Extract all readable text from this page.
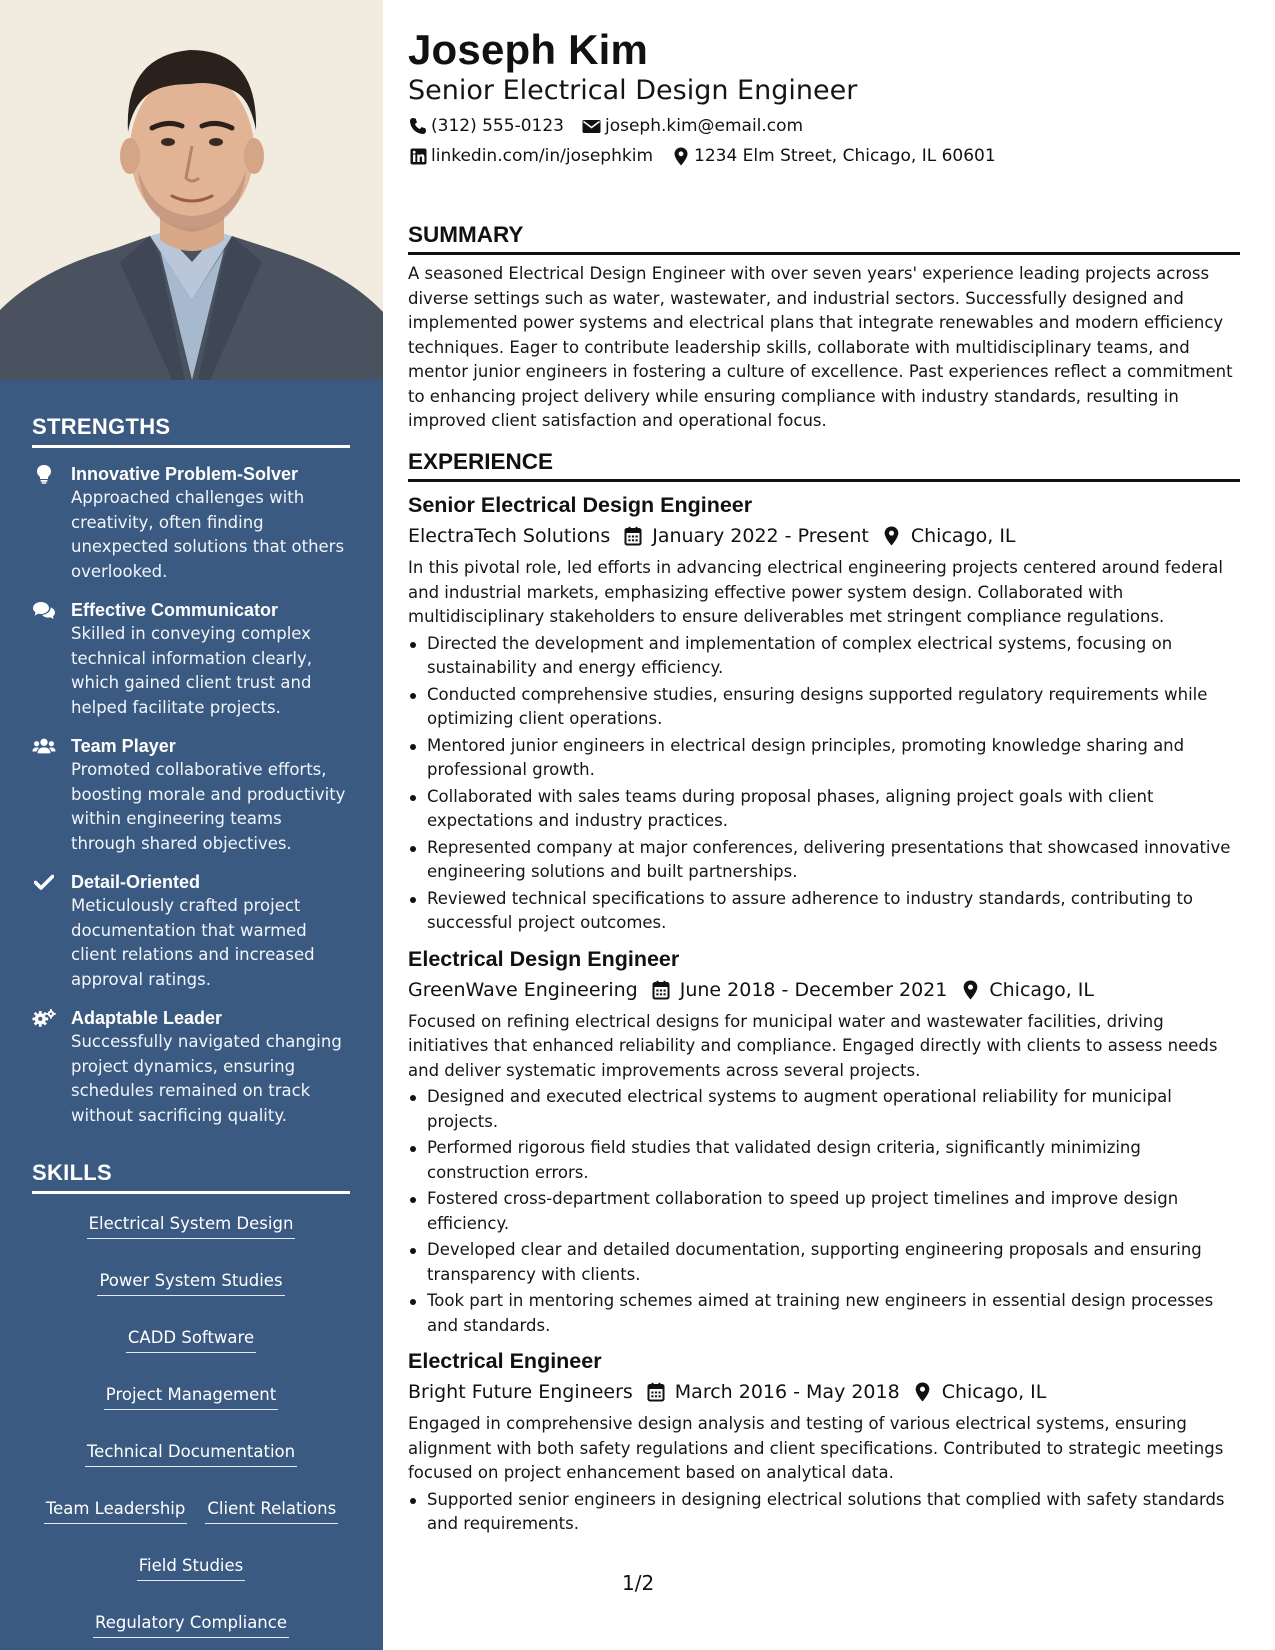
STRENGTHS
Innovative Problem-Solver
Approached challenges with creativity, often finding unexpected solutions that others overlooked.
Effective Communicator
Skilled in conveying complex technical information clearly, which gained client trust and helped facilitate projects.
Team Player
Promoted collaborative efforts, boosting morale and productivity within engineering teams through shared objectives.
Detail-Oriented
Meticulously crafted project documentation that warmed client relations and increased approval ratings.
Adaptable Leader
Successfully navigated changing project dynamics, ensuring schedules remained on track without sacrificing quality.
SKILLS
Electrical System Design
Power System Studies
CADD Software
Project Management
Technical Documentation
Team Leadership Client Relations
Field Studies
Regulatory Compliance
Joseph Kim
Senior Electrical Design Engineer
(312) 555-0123 joseph.kim@email.com
linkedin.com/in/josephkim 1234 Elm Street, Chicago, IL 60601
SUMMARY
A seasoned Electrical Design Engineer with over seven years' experience leading projects across diverse settings such as water, wastewater, and industrial sectors. Successfully designed and implemented power systems and electrical plans that integrate renewables and modern efficiency techniques. Eager to contribute leadership skills, collaborate with multidisciplinary teams, and mentor junior engineers in fostering a culture of excellence. Past experiences reflect a commitment to enhancing project delivery while ensuring compliance with industry standards, resulting in improved client satisfaction and operational focus.
EXPERIENCE
Senior Electrical Design Engineer
ElectraTech Solutions January 2022 - Present Chicago, IL
In this pivotal role, led efforts in advancing electrical engineering projects centered around federal and industrial markets, emphasizing effective power system design. Collaborated with multidisciplinary stakeholders to ensure deliverables met stringent compliance regulations.
Directed the development and implementation of complex electrical systems, focusing on sustainability and energy efficiency.
Conducted comprehensive studies, ensuring designs supported regulatory requirements while optimizing client operations.
Mentored junior engineers in electrical design principles, promoting knowledge sharing and professional growth.
Collaborated with sales teams during proposal phases, aligning project goals with client expectations and industry practices.
Represented company at major conferences, delivering presentations that showcased innovative engineering solutions and built partnerships.
Reviewed technical specifications to assure adherence to industry standards, contributing to successful project outcomes.
Electrical Design Engineer
GreenWave Engineering June 2018 - December 2021 Chicago, IL
Focused on refining electrical designs for municipal water and wastewater facilities, driving initiatives that enhanced reliability and compliance. Engaged directly with clients to assess needs and deliver systematic improvements across several projects.
Designed and executed electrical systems to augment operational reliability for municipal projects.
Performed rigorous field studies that validated design criteria, significantly minimizing construction errors.
Fostered cross-department collaboration to speed up project timelines and improve design efficiency.
Developed clear and detailed documentation, supporting engineering proposals and ensuring transparency with clients.
Took part in mentoring schemes aimed at training new engineers in essential design processes and standards.
Electrical Engineer
Bright Future Engineers March 2016 - May 2018 Chicago, IL
Engaged in comprehensive design analysis and testing of various electrical systems, ensuring alignment with both safety regulations and client specifications. Contributed to strategic meetings focused on project enhancement based on analytical data.
Supported senior engineers in designing electrical solutions that complied with safety standards and requirements.
1/2
